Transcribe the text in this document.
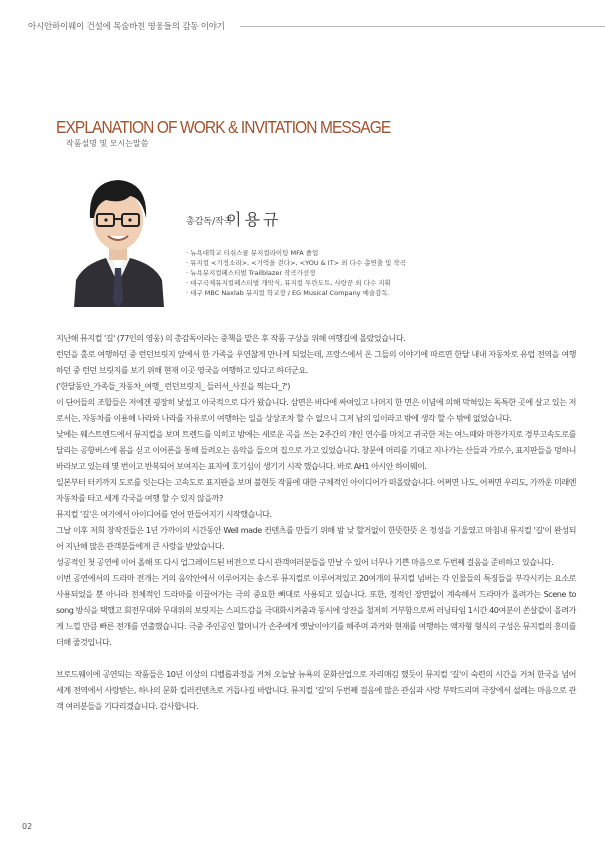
아시안하이웨이 건설에 목숨바친 영웅들의 감동 이야기
EXPLANATION OF WORK & INVITATION MESSAGE
작품설명 및 모시는말씀
총감독/작곡
이용규
· 뉴욕대학교 티쉬스쿨 뮤지컬라이팅 MFA 졸업
· 뮤지컬 <기정소리>, <기억을 걷다>, <YOU & IT> 외 다수 총연출 및 작곡
· 뉴욕뮤지컬페스티벌 Trailblazer 작곡가선정
· 대구국제뮤지컬페스티벌 개막식, 뮤지컬 투란도트, 사랑꾼 외 다수 지휘
· 대구 MBC Naxlab 뮤지컬 학교장 / EG Musical Company 예술감독.

지난해 뮤지컬 '길' (77인의 영웅) 의 총감독이라는 중책을 맡은 후 작품 구상을 위해 여행길에 올랐었습니다.

런던을 홀로 여행하던 중 런던브릿지 앞에서 한 가족을 우연찮게 만나게 되었는데, 프랑스에서 온 그들의 이야기에 따르면 한달 내내 자동차로 유럽 전역을 여행하던 중 런던 브릿지를 보기 위해 현재 이곳 영국을 여행하고 있다고 하더군요.

('한달동안_가족들_자동차_여행_ 런던브릿지_ 들러서_사진을 찍는다_?')

이 단어들의 조합들은 저에겐 굉장히 낯설고 이국적으로 다가 왔습니다. 삼면은 바다에 싸여있고 나머지 한 면은 이념에 의해 막혀있는 독특한 곳에 살고 있는 저로서는, 자동차를 이용해 나라와 나라를 자유로이 여행하는 일을 상상조차 할 수 없으니 그저 남의 일이라고 밖에 생각 할 수 밖에 없었습니다.

낮에는 웨스트엔드에서 뮤지컬을 보며 트렌드를 익히고 밤에는 새로운 곡을 쓰는 2주간의 개인 연수를 마치고 귀국한 저는 여느때와 마찬가지로 경부고속도로를 달리는 공항버스에 몸을 싣고 이어폰을 통해 들려오는 음악을 들으며 집으로 가고 있었습니다. 창문에 머리를 기대고 지나가는 산들과 가로수, 표지판들을 멍하니 바라보고 있는데 몇 번이고 반복되어 보여지는 표지에 호기심이 생기기 시작 했습니다. 바로 AH1 아시안 하이웨이.

일본부터 터키까지 도로를 잇는다는 고속도로 표지판을 보며 불현듯 작품에 대한 구체적인 아이디어가 떠올랐습니다. 어쩌면 나도, 어쩌면 우리도, 가까운 미래엔 자동차를 타고 세계 각국을 여행 할 수 있지 않을까?

뮤지컬 '길'은 여기에서 아이디어를 얻어 만들어지기 시작했습니다.

그날 이후 저희 창작진들은 1년 가까이의 시간동안 Well made 컨텐츠를 만들기 위해 밤 낮 할거없이 한뜻한뜻 온 정성을 기울였고 마침내 뮤지컬 '길'이 완성되어 지난해 많은 관객분들에게 큰 사랑을 받았습니다.

성공적인 첫 공연에 이어 올해 또 다시 업그레이드된 버전으로 다시 관객여러분들을 만날 수 있어 너무나 기쁜 마음으로 두번째 걸음을 준비하고 있습니다.

이번 공연에서의 드라마 전개는 거의 음악안에서 이루어지는 송스루 뮤지컬로 이루어져있고 20여개의 뮤지컬 넘버는 각 인물들의 특징들을 부각시키는 요소로 사용되었을 뿐 아니라 전체적인 드라마를 이끌어가는 극의 중요한 뼈대로 사용되고 있습니다. 또한, 정적인 장면없이 계속해서 드라마가 올려가는 Scene to song 방식을 택했고 회전무대와 무대위의 보릿지는 스피드감을 극대화시켜줌과 동시에 앙잔을 철저히 거부함으로써 러닝타임 1시간 40여분이 쏜살같이 올려가게 느낄 만큼 빠른 전개를 연출했습니다. 극중 주인공인 할머니가 손주에게 옛날이야기를 해주며 과거와 현재를 여행하는 액자형 형식의 구성은 뮤지컬의 흥미를 더해 줄것입니다.

브로드웨이에 공연되는 작품들은 10년 이상의 디벨롭과정을 거쳐 오늘날 뉴욕의 문화산업으로 자리매김 했듯이 뮤지컬 '길'이 숙련의 시간을 거쳐 한국을 넘어 세계 전역에서 사랑받는, 하나의 문화 킬러컨텐츠로 거듭나길 바랍니다. 뮤지컬 '길'의 두번째 걸음에 많은 관심과 사랑 부탁드리며 극장에서 설레는 마음으로 관객 여러분들을 기다리겠습니다. 감사합니다.

02
